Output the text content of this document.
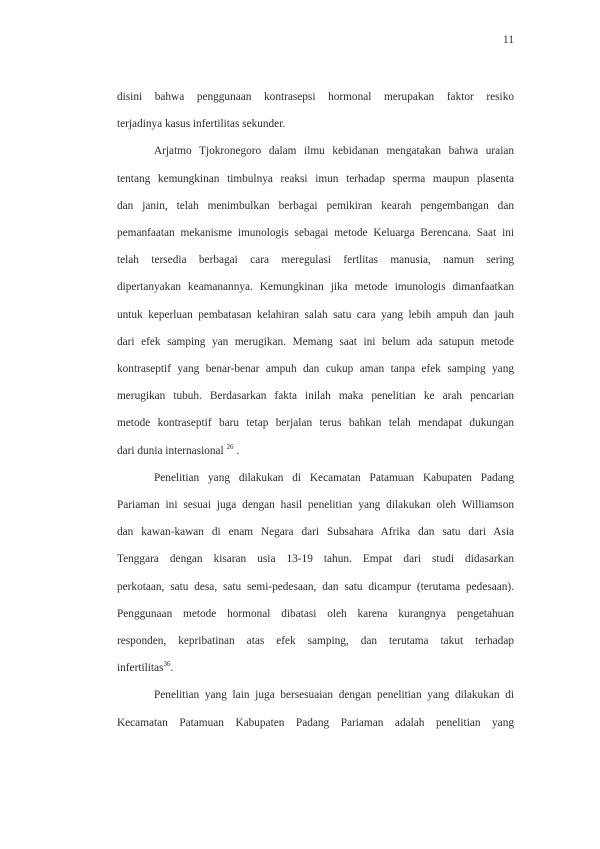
11
disini bahwa penggunaan kontrasepsi hormonal merupakan faktor resiko
terjadinya kasus infertilitas sekunder.
Arjatmo Tjokronegoro dalam ilmu kebidanan mengatakan bahwa uraian
tentang kemungkinan timbulnya reaksi imun terhadap sperma maupun plasenta
dan janin, telah menimbulkan berbagai pemikiran kearah pengembangan dan
pemanfaatan mekanisme imunologis sebagai metode Keluarga Berencana. Saat ini
telah tersedia berbagai cara meregulasi fertlitas manusia, namun sering
dipertanyakan keamanannya. Kemungkinan jika metode imunologis dimanfaatkan
untuk keperluan pembatasan kelahiran salah satu cara yang lebih ampuh dan jauh
dari efek samping yan merugikan. Memang saat ini belum ada satupun metode
kontraseptif yang benar-benar ampuh dan cukup aman tanpa efek samping yang
merugikan tubuh. Berdasarkan fakta inilah maka penelitian ke arah pencarian
metode kontraseptif baru tetap berjalan terus bahkan telah mendapat dukungan
dari dunia internasional $^{26}$ .
Penelitian yang dilakukan di Kecamatan Patamuan Kabupaten Padang
Pariaman ini sesuai juga dengan hasil penelitian yang dilakukan oleh Williamson
dan kawan-kawan di enam Negara dari Subsahara Afrika dan satu dari Asia
Tenggara dengan kisaran usia 13-19 tahun. Empat dari studi didasarkan
perkotaan, satu desa, satu semi-pedesaan, dan satu dicampur (terutama pedesaan).
Penggunaan metode hormonal dibatasi oleh karena kurangnya pengetahuan
responden, kepribatinan atas efek samping, dan terutama takut terhadap
infertilitas$^{36}$.
Penelitian yang lain juga bersesuaian dengan penelitian yang dilakukan di
Kecamatan Patamuan Kabupaten Padang Pariaman adalah penelitian yang
